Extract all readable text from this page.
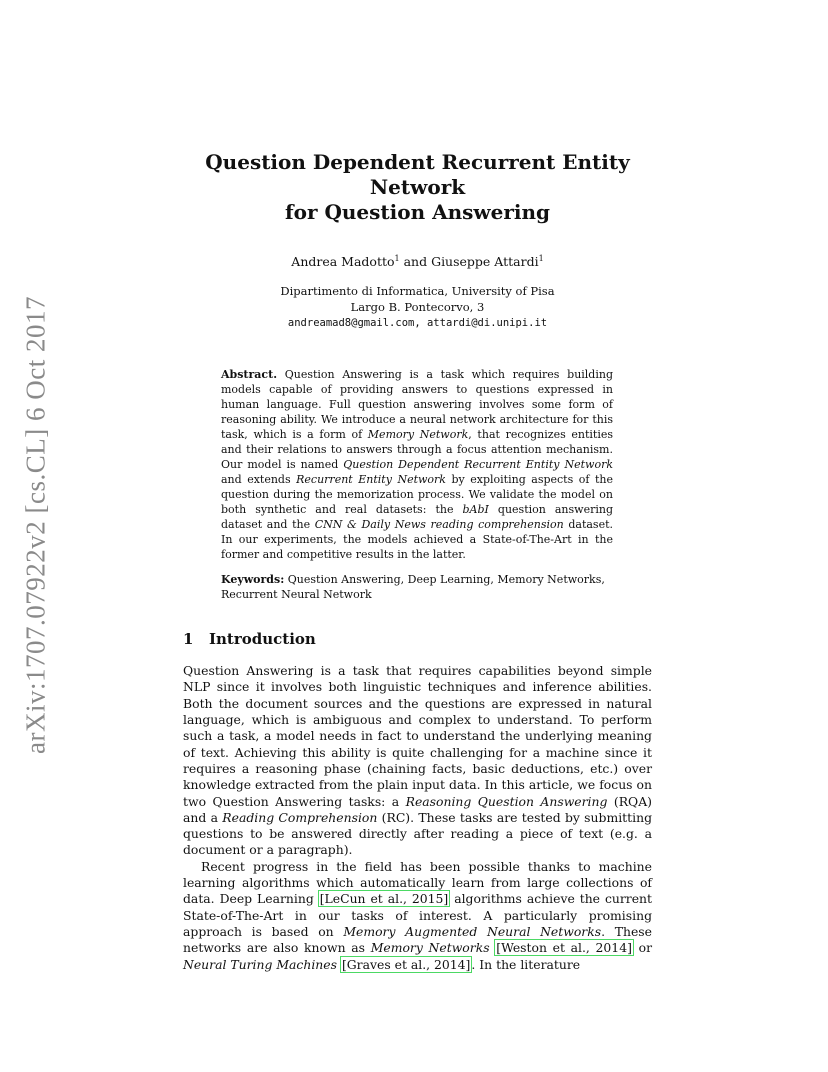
arXiv:1707.07922v2 [cs.CL] 6 Oct 2017
Question Dependent Recurrent Entity Network
for Question Answering
Andrea Madotto$^1$ and Giuseppe Attardi$^1$
Dipartimento di Informatica, University of Pisa
Largo B. Pontecorvo, 3
andreamad8@gmail.com, attardi@di.unipi.it
Abstract. Question Answering is a task which requires building models capable of providing answers to questions expressed in human language. Full question answering involves some form of reasoning ability. We introduce a neural network architecture for this task, which is a form of Memory Network, that recognizes entities and their relations to answers through a focus attention mechanism. Our model is named Question Dependent Recurrent Entity Network and extends Recurrent Entity Network by exploiting aspects of the question during the memorization process. We validate the model on both synthetic and real datasets: the bAbI question answering dataset and the CNN & Daily News reading comprehension dataset. In our experiments, the models achieved a State-of-The-Art in the former and competitive results in the latter.
Keywords: Question Answering, Deep Learning, Memory Networks, Recurrent Neural Network
1 Introduction

Question Answering is a task that requires capabilities beyond simple NLP since it involves both linguistic techniques and inference abilities. Both the document sources and the questions are expressed in natural language, which is ambiguous and complex to understand. To perform such a task, a model needs in fact to understand the underlying meaning of text. Achieving this ability is quite challenging for a machine since it requires a reasoning phase (chaining facts, basic deductions, etc.) over knowledge extracted from the plain input data. In this article, we focus on two Question Answering tasks: a Reasoning Question Answering (RQA) and a Reading Comprehension (RC). These tasks are tested by submitting questions to be answered directly after reading a piece of text (e.g. a document or a paragraph).

Recent progress in the field has been possible thanks to machine learning algorithms which automatically learn from large collections of data. Deep Learning [LeCun et al., 2015] algorithms achieve the current State-of-The-Art in our tasks of interest. A particularly promising approach is based on Memory Augmented Neural Networks. These networks are also known as Memory Networks [Weston et al., 2014] or Neural Turing Machines [Graves et al., 2014]. In the literature
